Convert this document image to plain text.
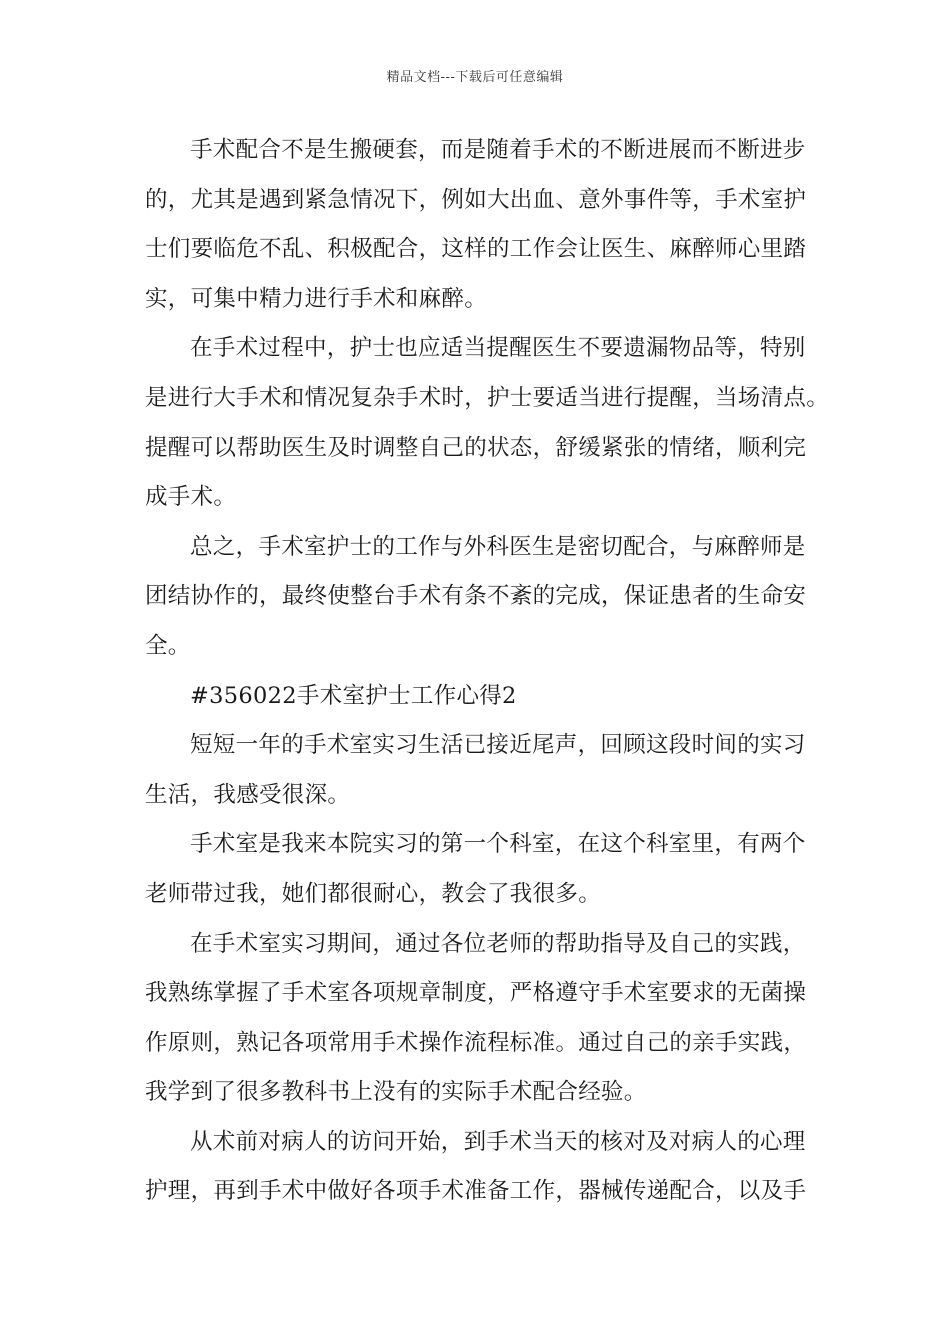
精品文档---下载后可任意编辑
手术配合不是生搬硬套，而是随着手术的不断进展而不断进步
的，尤其是遇到紧急情况下，例如大出血、意外事件等，手术室护
士们要临危不乱、积极配合，这样的工作会让医生、麻醉师心里踏
实，可集中精力进行手术和麻醉。
在手术过程中，护士也应适当提醒医生不要遗漏物品等，特别
是进行大手术和情况复杂手术时，护士要适当进行提醒，当场清点。
提醒可以帮助医生及时调整自己的状态，舒缓紧张的情绪，顺利完
成手术。
总之，手术室护士的工作与外科医生是密切配合，与麻醉师是
团结协作的，最终使整台手术有条不紊的完成，保证患者的生命安
全。
#356022手术室护士工作心得2
短短一年的手术室实习生活已接近尾声，回顾这段时间的实习
生活，我感受很深。
手术室是我来本院实习的第一个科室，在这个科室里，有两个
老师带过我，她们都很耐心，教会了我很多。
在手术室实习期间，通过各位老师的帮助指导及自己的实践，
我熟练掌握了手术室各项规章制度，严格遵守手术室要求的无菌操
作原则，熟记各项常用手术操作流程标准。通过自己的亲手实践，
我学到了很多教科书上没有的实际手术配合经验。
从术前对病人的访问开始，到手术当天的核对及对病人的心理
护理，再到手术中做好各项手术准备工作，器械传递配合，以及手
